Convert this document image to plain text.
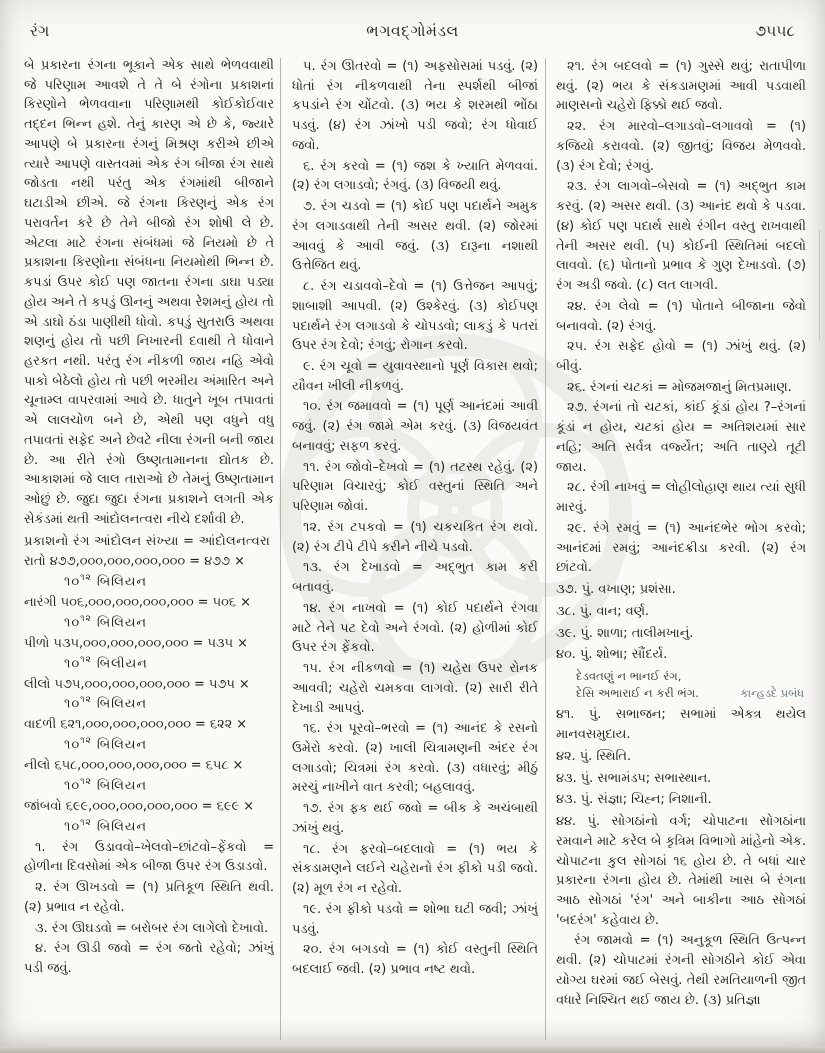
રંગ	ભગવદ્ગોમંડલ	૭૫૫૮

બે પ્રકારના રંગના ભૂકાને એક સાથે ભેળવવાથી જે પરિણામ આવશે તે તે બે રંગોના પ્રકાશનાં કિરણોને ભેળવવાના પરિણામથી કોઈકોઈવાર તદ્દન ભિન્ન હશે. તેનું કારણ એ છે કે, જ્યારે આપણે બે પ્રકારના રંગનું મિશ્રણ કરીએ છીએ ત્યારે આપણે વાસ્તવમાં એક રંગ બીજા રંગ સાથે જોડતા નથી પરંતુ એક રંગમાંથી બીજાને ઘટાડીએ છીએ. જે રંગના કિરણનું એક રંગ પરાવર્તન કરે છે તેને બીજો રંગ શોષી લે છે. એટલા માટે રંગના સંબંધમાં જે નિયમો છે તે પ્રકાશના કિરણોના સંબંધના નિયમોથી ભિન્ન છે. કપડાં ઉપર કોઈ પણ જાતના રંગના ડાઘા પડ્યા હોય અને તે કપડું ઊનનું અથવા રેશમનું હોય તો એ ડાઘો ઠંડા પાણીથી ધોવો. કપડું સુતરાઉ અથવા શણનું હોય તો પછી નિખારની દવાથી તે ધોવાને હરકત નથી. પરંતુ રંગ નીકળી જાય નહિ એવો પાકો બેઠેલો હોય તો પછી ભરમીય અંમારિત અને ચૂનામ્લ વાપરવામાં આવે છે. ધાતુને ખૂબ તપાવતાં એ લાલચોળ બને છે, એથી પણ વધુને વધુ તપાવતાં સફેદ અને છેવટે નીલા રંગની બની જાય છે. આ રીતે રંગો ઉષ્ણતામાનના દ્યોતક છે. આકાશમાં જે લાલ તારાઓ છે તેમનું ઉષ્ણતામાન ઓછું છે. જુદા જુદા રંગના પ્રકાશને લગતી એક સેકંડમાં થતી આંદોલનત્વરા નીચે દર્શાવી છે.

પ્રકાશનો રંગ આંદોલન સંખ્યા = આંદોલનત્વરા

રાતો ૪૭૭,૦૦૦,૦૦૦,૦૦૦,૦૦૦ = ૪૭૭ ×
$૧૦^{૧૨}$ બિલિયન
નારંગી ૫૦૬,૦૦૦,૦૦૦,૦૦૦,૦૦૦ = ૫૦૬ ×
$૧૦^{૧૨}$ બિલિયન
પીળો ૫૩૫,૦૦૦,૦૦૦,૦૦૦,૦૦૦ = ૫૩૫ ×
$૧૦^{૧૨}$ બિલીયન
લીલો ૫૭૫,૦૦૦,૦૦૦,૦૦૦,૦૦૦ = ૫૭૫ ×
$૧૦^{૧૨}$ બિલિયન
વાદળી ૬૨૧,૦૦૦,૦૦૦,૦૦૦,૦૦૦ = ૬૨૨ ×
$૧૦^{૧૨}$ બિલિયન
નીલો ૬૫૮,૦૦૦,૦૦૦,૦૦૦,૦૦૦ = ૬૫૮ ×
$૧૦^{૧૨}$ બિલિયન
જાંબવો ૬૯૯,૦૦૦,૦૦૦,૦૦૦,૦૦૦ = ૬૯૯ ×
$૧૦^{૧૨}$ બિલિયન

૧. રંગ ઉડાવવો–ખેલવો–છાંટવો–ફેંકવો = હોળીના દિવસોમાં એક બીજા ઉપર રંગ ઉડાડવો.

૨. રંગ ઊખડવો = (૧) પ્રતિકૂળ સ્થિતિ થવી. (૨) પ્રભાવ ન રહેવો.

૩. રંગ ઊઘડવો = બરોબર રંગ લાગેલો દેખાવો.

૪. રંગ ઊડી જવો = રંગ જતો રહેવો; ઝાંખું પડી જવું.

૫. રંગ ઊતરવો = (૧) અફસોસમાં પડવું. (૨) ધોતાં રંગ નીકળવાથી તેના સ્પર્શથી બીજાં કપડાંને રંગ ચોંટવો. (૩) ભય કે શરમથી ભોંઠા પડવું. (૪) રંગ ઝાંખો પડી જવો; રંગ ધોવાઈ જવો.

૬. રંગ કરવો = (૧) જશ કે ખ્યાતિ મેળવવાં. (૨) રંગ લગાડવો; રંગવું. (૩) વિજયી થવું.

૭. રંગ ચડવો = (૧) કોઈ પણ પદાર્થને અમુક રંગ લગાડવાથી તેની અસર થવી. (૨) જોરમાં આવવું કે આવી જવું. (૩) દારૂના નશાથી ઉત્તેજિત થવું.

૮. રંગ ચડાવવો–દેવો = (૧) ઉત્તેજન આપવું; શાબાશી આપવી. (૨) ઉશ્કેરવું. (૩) કોઈપણ પદાર્થને રંગ લગાડવો કે ચોપડવો; લાકડું કે પતરાં ઉપર રંગ દેવો; રંગવું; રોગાન કરવો.

૯. રંગ ચૂવો = યુવાવસ્થાનો પૂર્ણ વિકાસ થવો; યૌવન ખીલી નીકળવું.

૧૦. રંગ જમાવવો = (૧) પૂર્ણ આનંદમાં આવી જવું. (૨) રંગ જામે એમ કરવું. (૩) વિજયવંત બનાવવું; સફળ કરવું.

૧૧. રંગ જોવો–દેખવો = (૧) તટસ્થ રહેવું. (૨) પરિણામ વિચારવું; કોઈ વસ્તુનાં સ્થિતિ અને પરિણામ જોવાં.

૧૨. રંગ ટપકવો = (૧) ચકચકિત રંગ થવો. (૨) રંગ ટીપે ટીપે કરીને નીચે પડવો.

૧૩. રંગ દેખાડવો = અદ્ભુત કામ કરી બતાવવું.

૧૪. રંગ નાખવો = (૧) કોઈ પદાર્થને રંગવા માટે તેને પટ દેવો અને રંગવો. (૨) હોળીમાં કોઈ ઉપર રંગ ફેંકવો.

૧૫. રંગ નીકળવો = (૧) ચહેરા ઉપર રોનક આવવી; ચહેરો ચમકવા લાગવો. (૨) સારી રીતે દેખાડી આપવું.

૧૬. રંગ પૂરવો–ભરવો = (૧) આનંદ કે રસનો ઉમેરો કરવો. (૨) ખાલી ચિત્રામણની અંદર રંગ લગાડવો; ચિત્રમાં રંગ કરવો. (૩) વધારવું; મીઠું મરચું નાખીને વાત કરવી; બહલાવવું.

૧૭. રંગ ફક થઈ જવો = બીક કે અચંબાથી ઝાંખું થવું.

૧૮. રંગ ફરવો–બદલાવો = (૧) ભય કે સંકડામણને લઈને ચહેરાનો રંગ ફીકો પડી જવો. (૨) મૂળ રંગ ન રહેવો.

૧૯. રંગ ફીકો પડવો = શોભા ઘટી જવી; ઝાંખું પડવું.

૨૦. રંગ બગડવો = (૧) કોઈ વસ્તુની સ્થિતિ બદલાઈ જવી. (૨) પ્રભાવ નષ્ટ થવો.

૨૧. રંગ બદલવો = (૧) ગુસ્સે થવું; રાતાપીળા થવું. (૨) ભય કે સંકડામણમાં આવી પડવાથી માણસનો ચહેરો ફિક્કો થઈ જવો.

૨૨. રંગ મારવો–લગાડવો–લગાવવો = (૧) કજિયો કરાવવો. (૨) જીતવું; વિજય મેળવવો. (૩) રંગ દેવો; રંગવું.

૨૩. રંગ લાગવો–બેસવો = (૧) અદ્ભુત કામ કરવું. (૨) અસર થવી. (૩) આનંદ થવો કે પડવા. (૪) કોઈ પણ પદાર્થ સાથે રંગીન વસ્તુ રાખવાથી તેની અસર થવી. (૫) કોઈની સ્થિતિમાં બદલો લાવવો. (૬) પોતાનો પ્રભાવ કે ગુણ દેખાડવો. (૭) રંગ અડી જવો. (૮) લત લાગવી.

૨૪. રંગ લેવો = (૧) પોતાને બીજાના જેવો બનાવવો. (૨) રંગવું.

૨૫. રંગ સફેદ હોવો = (૧) ઝાંખું થવું. (૨) બીવું.

૨૬. રંગનાં ચટકાં = મોજમજાનું મિતપ્રમાણ.

૨૭. રંગનાં તો ચટકાં, કાંઈ કૂંડાં હોય ?–રંગનાં કૂંડાં ન હોય, ચટકાં હોય = અતિશયમાં સાર નહિ; અતિ સર્વત્ર વર્જ્યેત; અતિ તાણ્યે તૂટી જાય.

૨૮. રંગી નાખવું = લોહીલોહાણ થાય ત્યાં સુધી મારવું.

૨૯. રંગે રમવું = (૧) આનંદભેર ભોગ કરવો; આનંદમાં રમવું; આનંદક્રીડા કરવી. (૨) રંગ છાંટવો.

૩૭. પું. વખાણ; પ્રશંસા.

૩૮. પું. વાન; વર્ણ.

૩૯. પું. શાળા; તાલીમખાનું.

૪૦. પું. શોભા; સૌંદર્ય.

દેડવતણું ન ભાનઈ રંગ,
દેસિ અભારાઈ ન કરી ભંગ.	કાન્હડદે પ્રબંધ

૪૧. પું. સભાજન; સભામાં એકત્ર થયેલ માનવસમુદાય.

૪૨. પું. સ્થિતિ.

૪૩. પું. સભામંડપ; સભાસ્થાન.

૪૩. પું. સંજ્ઞા; ચિહ્ન; નિશાની.

૪૪. પું. સોગઠાંનો વર્ગ; ચોપાટના સોગઠાંના રમવાને માટે કરેલ બે કૃત્રિમ વિભાગો માંહેનો એક. ચોપાટના કુલ સોગઠાં ૧૬ હોય છે. તે બધાં ચાર પ્રકારના રંગના હોય છે. તેમાંથી ખાસ બે રંગના આઠ સોગઠાં 'રંગ' અને બાકીના આઠ સોગઠાં 'બદરંગ' કહેવાય છે.

રંગ જામવો = (૧) અનુકૂળ સ્થિતિ ઉત્પન્ન થવી. (૨) ચોપાટમાં રંગની સોગઠીને કોઈ એવા યોગ્ય ઘરમાં જઈ બેસવું. તેથી રમતિયાળની જીત વધારે નિશ્ચિત થઈ જાય છે. (૩) પ્રતિજ્ઞા
